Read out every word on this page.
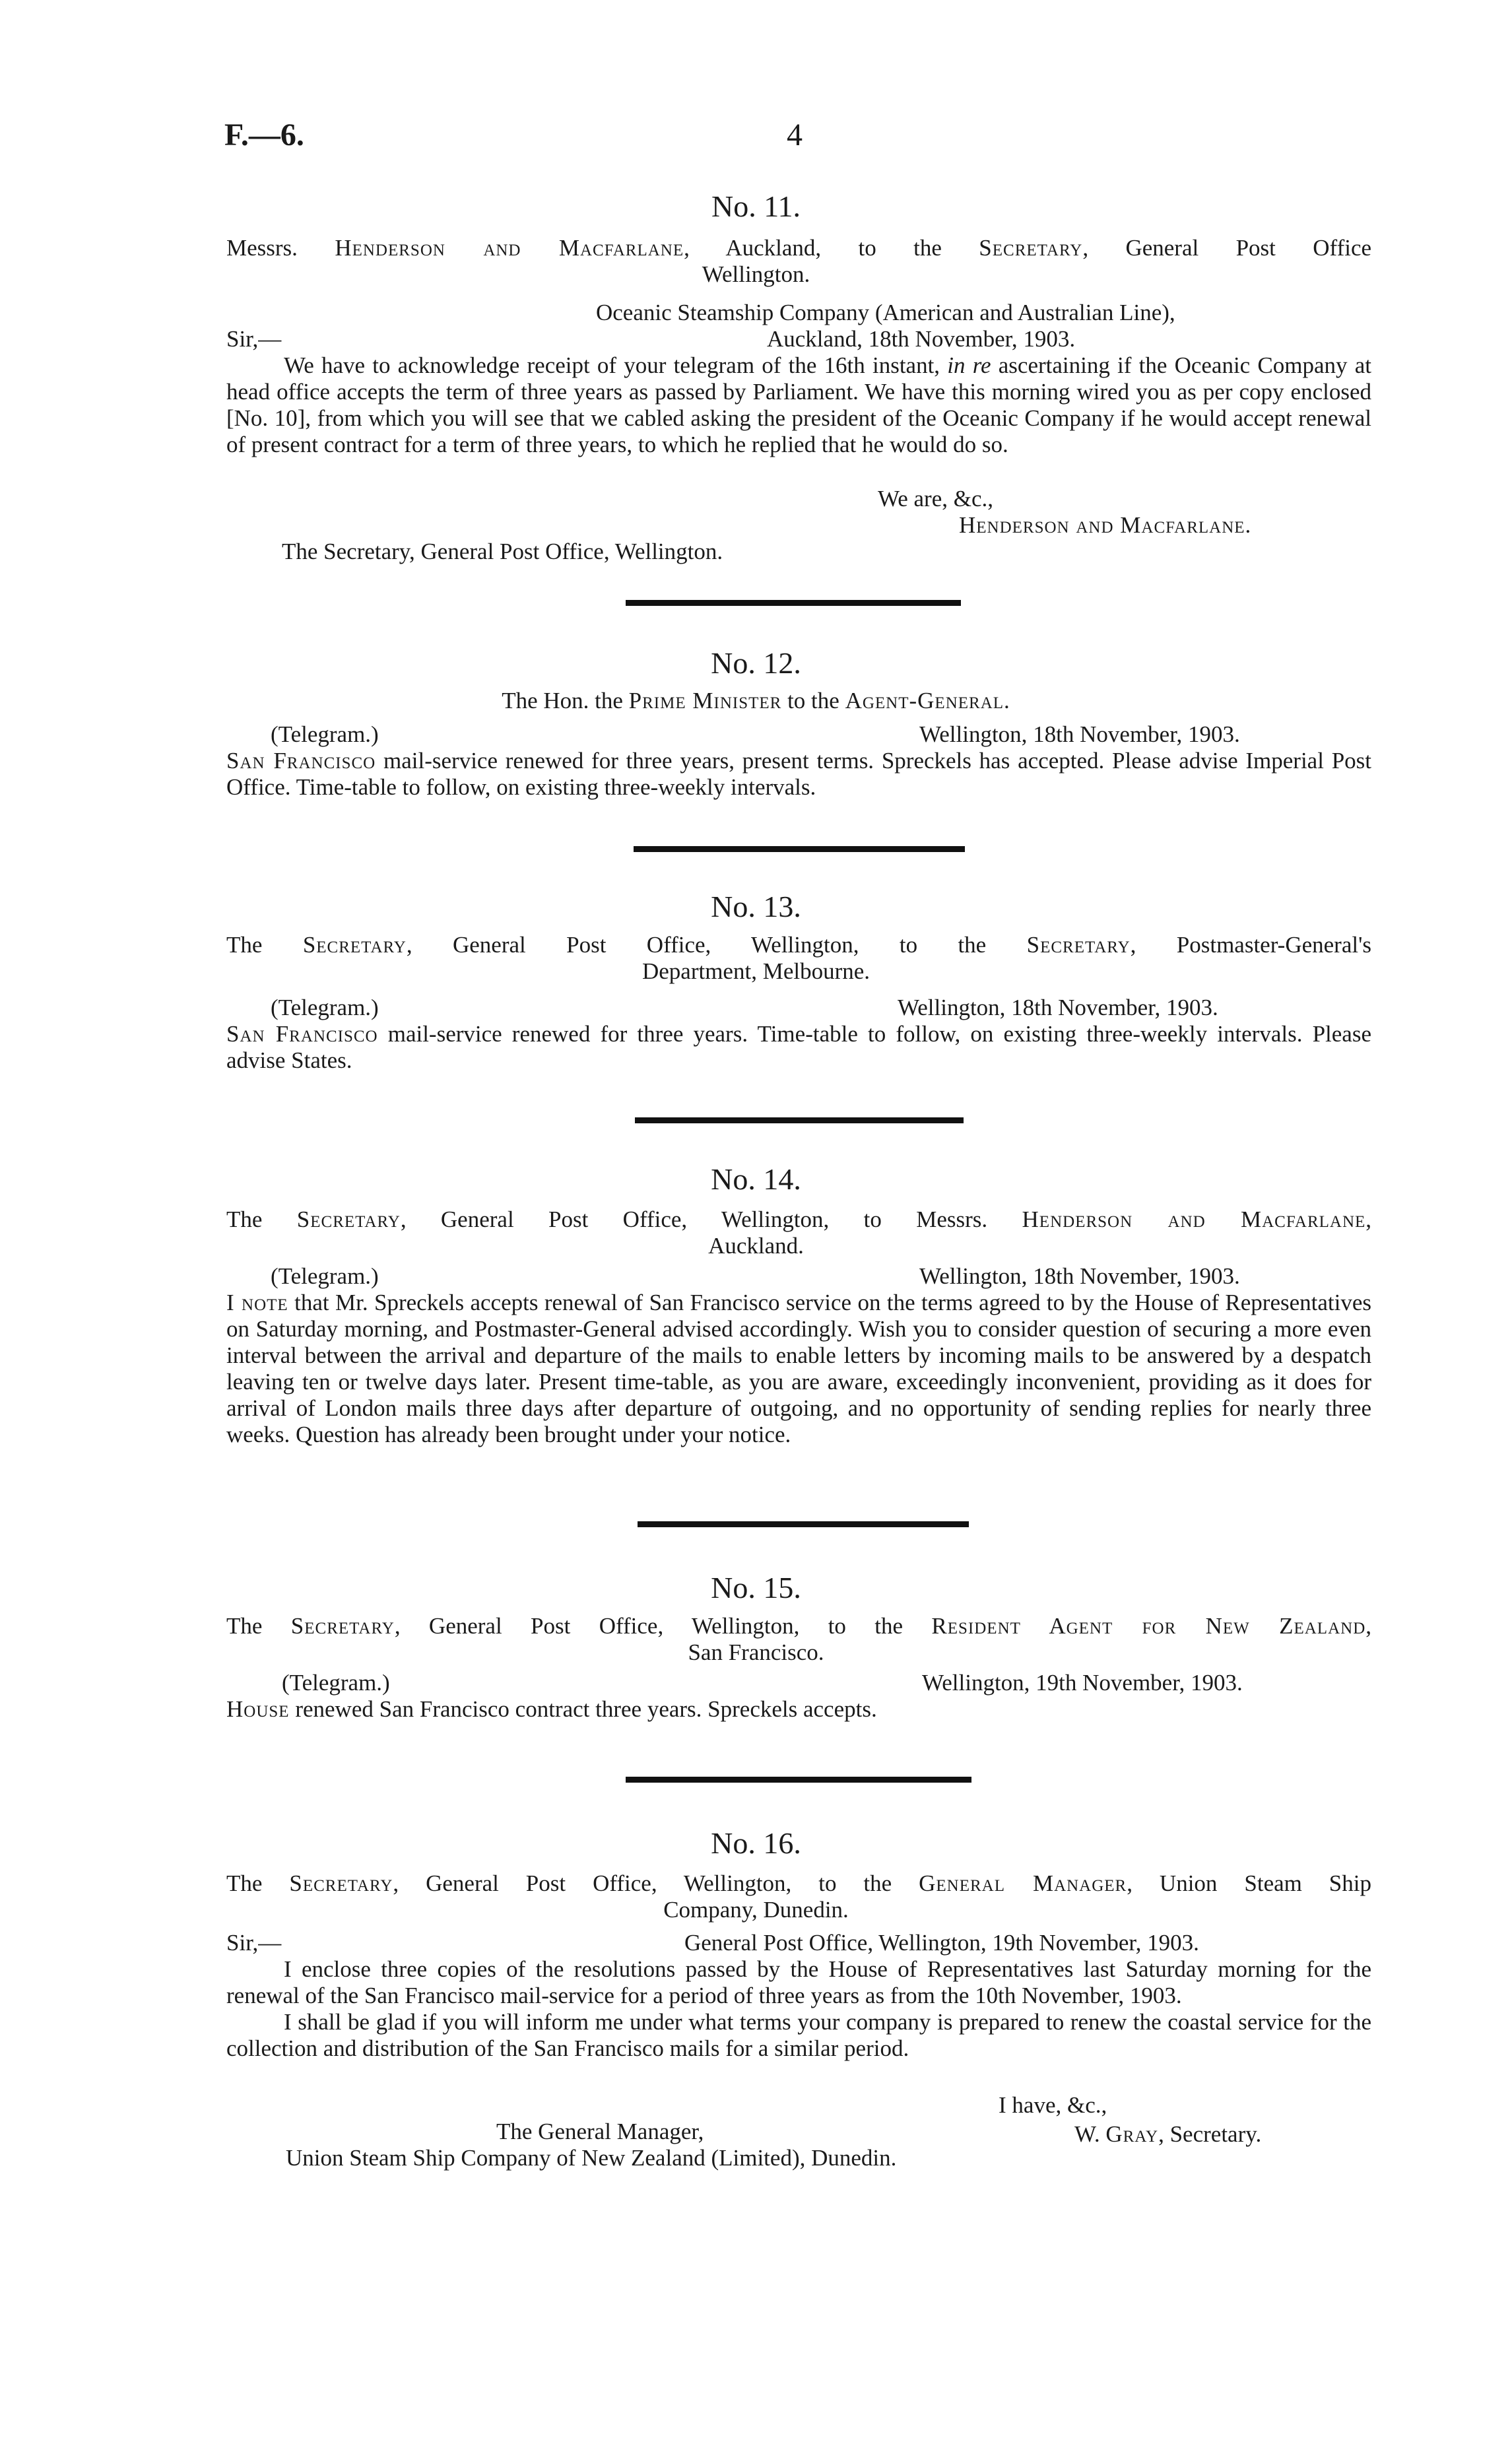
F.—6.	4
No. 11.
Messrs. Henderson and Macfarlane, Auckland, to the Secretary, General Post Office
Wellington.
Oceanic Steamship Company (American and Australian Line),
Sir,—	Auckland, 18th November, 1903.

We have to acknowledge receipt of your telegram of the 16th instant, in re ascertaining if the Oceanic Company at head office accepts the term of three years as passed by Parliament. We have this morning wired you as per copy enclosed [No. 10], from which you will see that we cabled asking the president of the Oceanic Company if he would accept renewal of present contract for a term of three years, to which he replied that he would do so.

We are, &c.,
Henderson and Macfarlane.
The Secretary, General Post Office, Wellington.
No. 12.
The Hon. the Prime Minister to the Agent-General.
(Telegram.)	Wellington, 18th November, 1903.

San Francisco mail-service renewed for three years, present terms. Spreckels has accepted. Please advise Imperial Post Office. Time-table to follow, on existing three-weekly intervals.

No. 13.
The Secretary, General Post Office, Wellington, to the Secretary, Postmaster-General's
Department, Melbourne.
(Telegram.)	Wellington, 18th November, 1903.

San Francisco mail-service renewed for three years. Time-table to follow, on existing three-weekly intervals. Please advise States.

No. 14.
The Secretary, General Post Office, Wellington, to Messrs. Henderson and Macfarlane,
Auckland.
(Telegram.)	Wellington, 18th November, 1903.

I note that Mr. Spreckels accepts renewal of San Francisco service on the terms agreed to by the House of Representatives on Saturday morning, and Postmaster-General advised accordingly. Wish you to consider question of securing a more even interval between the arrival and departure of the mails to enable letters by incoming mails to be answered by a despatch leaving ten or twelve days later. Present time-table, as you are aware, exceedingly inconvenient, providing as it does for arrival of London mails three days after departure of outgoing, and no opportunity of sending replies for nearly three weeks. Question has already been brought under your notice.

No. 15.
The Secretary, General Post Office, Wellington, to the Resident Agent for New Zealand,
San Francisco.
(Telegram.)	Wellington, 19th November, 1903.
House renewed San Francisco contract three years. Spreckels accepts.
No. 16.
The Secretary, General Post Office, Wellington, to the General Manager, Union Steam Ship
Company, Dunedin.
Sir,—	General Post Office, Wellington, 19th November, 1903.

I enclose three copies of the resolutions passed by the House of Representatives last Saturday morning for the renewal of the San Francisco mail-service for a period of three years as from the 10th November, 1903.

I shall be glad if you will inform me under what terms your company is prepared to renew the coastal service for the collection and distribution of the San Francisco mails for a similar period.

I have, &c.,
The General Manager,	W. Gray, Secretary.
Union Steam Ship Company of New Zealand (Limited), Dunedin.
